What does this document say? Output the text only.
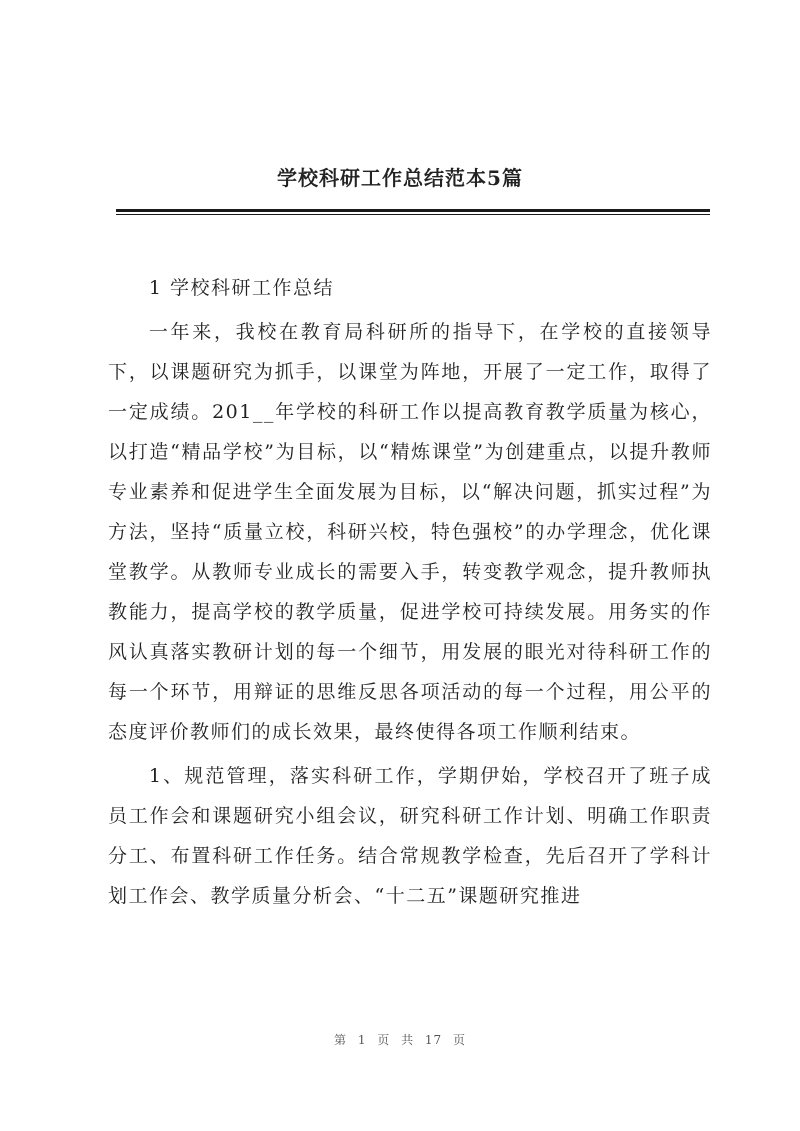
学校科研工作总结范本5篇

1 学校科研工作总结

一年来，我校在教育局科研所的指导下，在学校的直接领导下，以课题研究为抓手，以课堂为阵地，开展了一定工作，取得了一定成绩。201__年学校的科研工作以提高教育教学质量为核心，以打造“精品学校”为目标，以“精炼课堂”为创建重点，以提升教师专业素养和促进学生全面发展为目标，以“解决问题，抓实过程”为方法，坚持“质量立校，科研兴校，特色强校”的办学理念，优化课堂教学。从教师专业成长的需要入手，转变教学观念，提升教师执教能力，提高学校的教学质量，促进学校可持续发展。用务实的作风认真落实教研计划的每一个细节，用发展的眼光对待科研工作的每一个环节，用辩证的思维反思各项活动的每一个过程，用公平的态度评价教师们的成长效果，最终使得各项工作顺利结束。

1、规范管理，落实科研工作，学期伊始，学校召开了班子成员工作会和课题研究小组会议，研究科研工作计划、明确工作职责分工、布置科研工作任务。结合常规教学检查，先后召开了学科计划工作会、教学质量分析会、“十二五”课题研究推进

第 1 页 共 17 页
